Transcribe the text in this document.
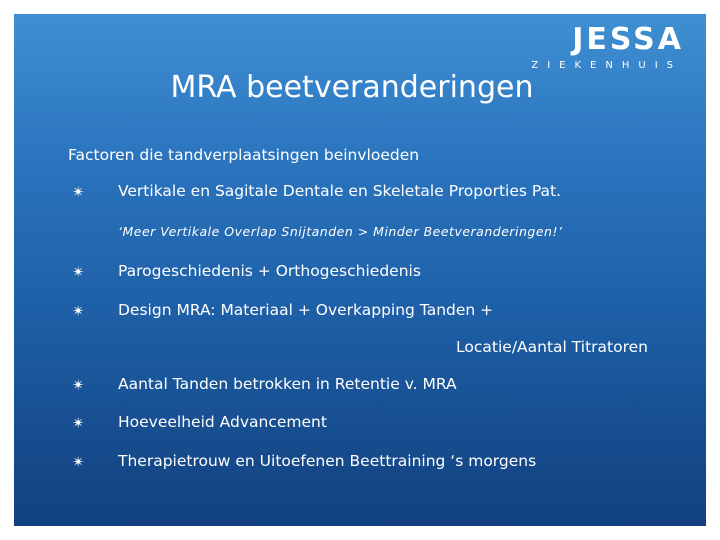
JESSA
ZIEKENHUIS
MRA beetveranderingen
Factoren die tandverplaatsingen beinvloeden
✴ Vertikale en Sagitale Dentale en Skeletale Proporties Pat.
‘Meer Vertikale Overlap Snijtanden > Minder Beetveranderingen!’
✴ Parogeschiedenis + Orthogeschiedenis
✴ Design MRA: Materiaal + Overkapping Tanden +
Locatie/Aantal Titratoren
✴ Aantal Tanden betrokken in Retentie v. MRA
✴ Hoeveelheid Advancement
✴ Therapietrouw en Uitoefenen Beettraining ‘s morgens
